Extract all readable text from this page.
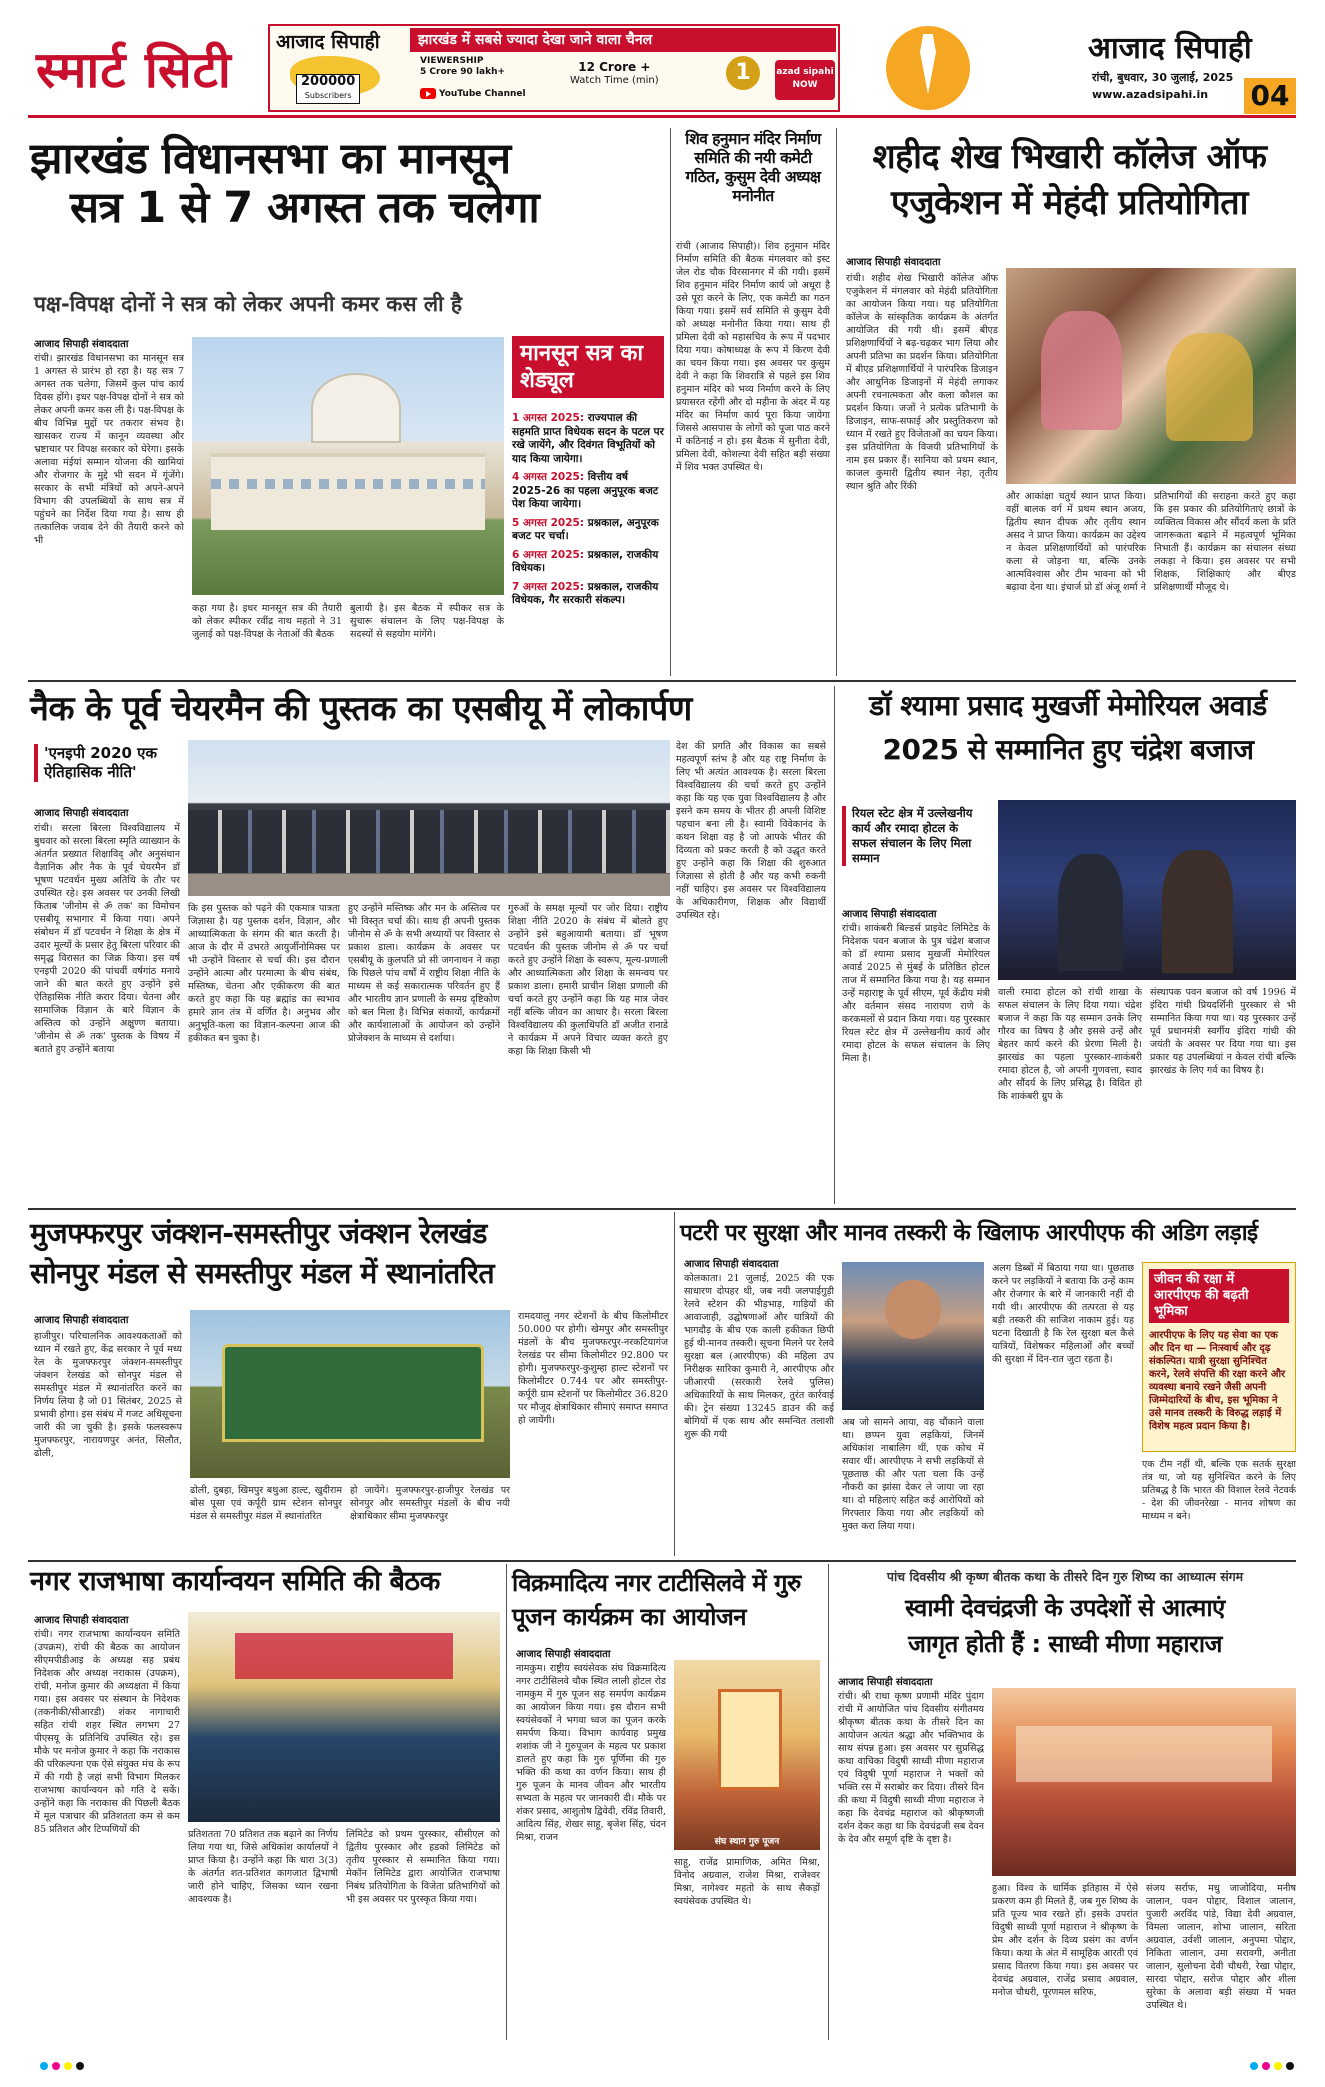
स्मार्ट सिटी आजाद सिपाही	झारखंड में सबसे ज्यादा देखा जाने वाला चैनल
200000
Subscribers
VIEWERSHIP
5 Crore 90 lakh+
YouTube Channel
12 Crore +
Watch Time (min)	1	azad sipahi NOW
आजाद सिपाही
रांची, बुधवार, 30 जुलाई, 2025
www.azadsipahi.in 04
झारखंड विधानसभा का मानसून
सत्र 1 से 7 अगस्त तक चलेगा
पक्ष-विपक्ष दोनों ने सत्र को लेकर अपनी कमर कस ली है
आजाद सिपाही संवाददाता
रांची। झारखंड विधानसभा का मानसून सत्र 1 अगस्त से प्रारंभ हो रहा है। यह सत्र 7 अगस्त तक चलेगा, जिसमें कुल पांच कार्य दिवस होंगे। इधर पक्ष-विपक्ष दोनों ने सत्र को लेकर अपनी कमर कस ली है। पक्ष-विपक्ष के बीच विभिन्न मुद्दों पर तकरार संभव है। खासकर राज्य में कानून व्यवस्था और भ्रष्टाचार पर विपक्ष सरकार को घेरेगा। इसके अलावा मंईयां सम्मान योजना की खामियां और रोजगार के मुद्दे भी सदन में गूंजेंगे। सरकार के सभी मंत्रियों को अपने-अपने विभाग की उपलब्धियों के साथ सत्र में पहुंचने का निर्देश दिया गया है। साथ ही तत्कालिक जवाब देने की तैयारी करने को भी
कहा गया है। इधर मानसून सत्र की तैयारी को लेकर स्पीकर रवींद्र नाथ महतो ने 31 जुलाई को पक्ष-विपक्ष के नेताओं की बैठक
बुलायी है। इस बैठक में स्पीकर सत्र के सुचारू संचालन के लिए पक्ष-विपक्ष के सदस्यों से सहयोग मांगेंगे।
मानसून सत्र का शेड्यूल

1 अगस्त 2025: राज्यपाल की सहमति प्राप्त विधेयक सदन के पटल पर रखे जायेंगे, और दिवंगत विभूतियों को याद किया जायेगा।

4 अगस्त 2025: वित्तीय वर्ष 2025-26 का पहला अनुपूरक बजट पेश किया जायेगा।

5 अगस्त 2025: प्रश्नकाल, अनुपूरक बजट पर चर्चा।

6 अगस्त 2025: प्रश्नकाल, राजकीय विधेयक।

7 अगस्त 2025: प्रश्नकाल, राजकीय विधेयक, गैर सरकारी संकल्प।

शिव हनुमान मंदिर निर्माण समिति की नयी कमेटी गठित, कुसुम देवी अध्यक्ष मनोनीत
रांची (आजाद सिपाही)। शिव हनुमान मंदिर निर्माण समिति की बैठक मंगलवार को इस्ट जेल रोड चौक विरसानगर में की गयी। इसमें शिव हनुमान मंदिर निर्माण कार्य जो अधूरा है उसे पूरा करने के लिए, एक कमेटी का गठन किया गया। इसमें सर्व समिति से कुसुम देवी को अध्यक्ष मनोनीत किया गया। साथ ही प्रमिला देवी को महासचिव के रूप में पदभार दिया गया। कोषाध्यक्ष के रूप में किरण देवी का चयन किया गया। इस अवसर पर कुसुम देवी ने कहा कि शिवरात्रि से पहले इस शिव हनुमान मंदिर को भव्य निर्माण करने के लिए प्रयासरत रहेंगी और दो महीना के अंदर में यह मंदिर का निर्माण कार्य पूरा किया जायेगा जिससे आसपास के लोगों को पूजा पाठ करने में कठिनाई न हो। इस बैठक में सुनीता देवी, प्रमिला देवी, कोशल्या देवी सहित बड़ी संख्या में शिव भक्त उपस्थित थे।
शहीद शेख भिखारी कॉलेज ऑफ एजुकेशन में मेहंदी प्रतियोगिता
आजाद सिपाही संवाददाता
रांची। शहीद शेख भिखारी कॉलेज ऑफ एजुकेशन में मंगलवार को मेहंदी प्रतियोगिता का आयोजन किया गया। यह प्रतियोगिता कॉलेज के सांस्कृतिक कार्यक्रम के अंतर्गत आयोजित की गयी थी। इसमें बीएड प्रशिक्षणार्थियों ने बढ़-चढ़कर भाग लिया और अपनी प्रतिभा का प्रदर्शन किया। प्रतियोगिता में बीएड प्रशिक्षणार्थियों ने पारंपरिक डिजाइन और आधुनिक डिजाइनों में मेहंदी लगाकर अपनी रचनात्मकता और कला कौशल का प्रदर्शन किया। जजों ने प्रत्येक प्रतिभागी के डिजाइन, साफ-सफाई और प्रस्तुतिकरण को ध्यान में रखते हुए विजेताओं का चयन किया। इस प्रतियोगिता के विजयी प्रतिभागियों के नाम इस प्रकार हैं। सानिया को प्रथम स्थान, काजल कुमारी द्वितीय स्थान नेहा, तृतीय स्थान श्रुति और रिंकी
और आकांक्षा चतुर्थ स्थान प्राप्त किया। वहीं बालक वर्ग में प्रथम स्थान अजय, द्वितीय स्थान दीपक और तृतीय स्थान असद ने प्राप्त किया। कार्यक्रम का उद्देश्य न केवल प्रशिक्षणार्थियों को पारंपरिक कला से जोड़ना था, बल्कि उनके आत्मविश्वास और टीम भावना को भी बढ़ावा देना था। इंचार्ज प्रो डॉ अंजू शर्मा ने
प्रतिभागियों की सराहना करते हुए कहा कि इस प्रकार की प्रतियोगिताएं छात्रों के व्यक्तित्व विकास और सौंदर्य कला के प्रति जागरूकता बढ़ाने में महत्वपूर्ण भूमिका निभाती हैं। कार्यक्रम का संचालन संध्या लकड़ा ने किया। इस अवसर पर सभी शिक्षक, शिक्षिकाएं और बीएड प्रशिक्षणार्थी मौजूद थे।
नैक के पूर्व चेयरमैन की पुस्तक का एसबीयू में लोकार्पण
'एनइपी 2020 एक ऐतिहासिक नीति'
आजाद सिपाही संवाददाता
रांची। सरला बिरला विश्वविद्यालय में बुधवार को सरला बिरला स्मृति व्याख्यान के अंतर्गत प्रख्यात शिक्षाविद् और अनुसंधान वैज्ञानिक और नैक के पूर्व चेयरमैन डॉ भूषण पटवर्धन मुख्य अतिथि के तौर पर उपस्थित रहे। इस अवसर पर उनकी लिखी किताब 'जीनोम से ॐ तक' का विमोचन एसबीयू सभागार में किया गया। अपने संबोधन में डॉ पटवर्धन ने शिक्षा के क्षेत्र में उदार मूल्यों के प्रसार हेतु बिरला परिवार की समृद्ध विरासत का जिक्र किया। इस वर्ष एनइपी 2020 की पांचवीं वर्षगांठ मनाये जाने की बात करते हुए उन्होंने इसे ऐतिहासिक नीति करार दिया। चेतना और सामाजिक विज्ञान के बारे विज्ञान के अस्तित्व को उन्होंने अक्षुण्ण बताया। 'जीनोम से ॐ तक' पुस्तक के विषय में बताते हुए उन्होंने बताया
कि इस पुस्तक को पढ़ने की एकमात्र पात्रता जिज्ञासा है। यह पुस्तक दर्शन, विज्ञान, और आध्यात्मिकता के संगम की बात करती है। आज के दौर में उभरते आयुर्जीनोमिक्स पर भी उन्होंने विस्तार से चर्चा की। इस दौरान उन्होंने आत्मा और परमात्मा के बीच संबंध, मस्तिष्क, चेतना और एकीकरण की बात करते हुए कहा कि यह ब्रह्मांड का स्वभाव हमारे ज्ञान तंत्र में वर्णित है। अनुभव और अनुभूति-कला का विज्ञान-कल्पना आज की हकीकत बन चुका है।
हुए उन्होंने मस्तिष्क और मन के अस्तित्व पर भी विस्तृत चर्चा की। साथ ही अपनी पुस्तक जीनोम से ॐ के सभी अध्यायों पर विस्तार से प्रकाश डाला। कार्यक्रम के अवसर पर एसबीयू के कुलपति प्रो सी जगनाथन ने कहा कि पिछले पांच वर्षों में राष्ट्रीय शिक्षा नीति के माध्यम से कई सकारात्मक परिवर्तन हुए हैं और भारतीय ज्ञान प्रणाली के समग्र दृष्टिकोण को बल मिला है। विभिन्न संकायों, कार्यक्रमों और कार्यशालाओं के आयोजन को उन्होंने प्रोजेक्शन के माध्यम से दर्शाया।
गुरुओं के समक्ष मूल्यों पर जोर दिया। राष्ट्रीय शिक्षा नीति 2020 के संबंध में बोलते हुए उन्होंने इसे बहुआयामी बताया। डॉ भूषण पटवर्धन की पुस्तक जीनोम से ॐ पर चर्चा करते हुए उन्होंने शिक्षा के स्वरूप, मूल्य-प्रणाली और आध्यात्मिकता और शिक्षा के समन्वय पर प्रकाश डाला। हमारी प्राचीन शिक्षा प्रणाली की चर्चा करते हुए उन्होंने कहा कि यह मात्र जेवर नहीं बल्कि जीवन का आधार है। सरला बिरला विश्वविद्यालय की कुलाधिपति डॉ अजीत रानाडे ने कार्यक्रम में अपने विचार व्यक्त करते हुए कहा कि शिक्षा किसी भी
देश की प्रगति और विकास का सबसे महत्वपूर्ण स्तंभ है और यह राष्ट्र निर्माण के लिए भी अत्यंत आवश्यक है। सरला बिरला विश्वविद्यालय की चर्चा करते हुए उन्होंने कहा कि यह एक युवा विश्वविद्यालय है और इसने कम समय के भीतर ही अपनी विशिष्ट पहचान बना ली है। स्वामी विवेकानंद के कथन शिक्षा वह है जो आपके भीतर की दिव्यता को प्रकट करती है को उद्धृत करते हुए उन्होंने कहा कि शिक्षा की शुरुआत जिज्ञासा से होती है और यह कभी रुकनी नहीं चाहिए। इस अवसर पर विश्वविद्यालय के अधिकारीगण, शिक्षक और विद्यार्थी उपस्थित रहे।
डॉ श्यामा प्रसाद मुखर्जी मेमोरियल अवार्ड
2025 से सम्मानित हुए चंद्रेश बजाज
रियल स्टेट क्षेत्र में उल्लेखनीय कार्य और रमादा होटल के सफल संचालन के लिए मिला सम्मान
आजाद सिपाही संवाददाता
रांची। शाकंबरी बिल्डर्स प्राइवेट लिमिटेड के निदेशक पवन बजाज के पुत्र चंद्रेश बजाज को डॉ श्यामा प्रसाद मुखर्जी मेमोरियल अवार्ड 2025 से मुंबई के प्रतिष्ठित होटल ताज में सम्मानित किया गया है। यह सम्मान उन्हें महाराष्ट्र के पूर्व सीएम, पूर्व केंद्रीय मंत्री और वर्तमान संसद नारायण राणे के करकमलों से प्रदान किया गया। यह पुरस्कार रियल स्टेट क्षेत्र में उल्लेखनीय कार्य और रमादा होटल के सफल संचालन के लिए मिला है।
वाली रमादा होटल को रांची शाखा के सफल संचालन के लिए दिया गया। चंद्रेश बजाज ने कहा कि यह सम्मान उनके लिए गौरव का विषय है और इससे उन्हें और बेहतर कार्य करने की प्रेरणा मिली है। झारखंड का पहला पुरस्कार-शाकंबरी रमादा होटल है, जो अपनी गुणवत्ता, स्वाद और सौंदर्य के लिए प्रसिद्ध है। विदित हो कि शाकंबरी ग्रुप के
संस्थापक पवन बजाज को वर्ष 1996 में इंदिरा गांधी प्रियदर्शिनी पुरस्कार से भी सम्मानित किया गया था। यह पुरस्कार उन्हें पूर्व प्रधानमंत्री स्वर्गीय इंदिरा गांधी की जयंती के अवसर पर दिया गया था। इस प्रकार यह उपलब्धियां न केवल रांची बल्कि झारखंड के लिए गर्व का विषय है।
मुजफ्फरपुर जंक्शन-समस्तीपुर जंक्शन रेलखंड
सोनपुर मंडल से समस्तीपुर मंडल में स्थानांतरित
आजाद सिपाही संवाददाता
हाजीपुर। परिचालनिक आवश्यकताओं को ध्यान में रखते हुए, केंद्र सरकार ने पूर्व मध्य रेल के मुजफ्फरपुर जंक्शन-समस्तीपुर जंक्शन रेलखंड को सोनपुर मंडल से समस्तीपुर मंडल में स्थानांतरित करने का निर्णय लिया है जो 01 सितंबर, 2025 से प्रभावी होगा। इस संबंध में गजट अधिसूचना जारी की जा चुकी है। इसके फलस्वरूप मुजफ्फरपुर, नारायणपुर अनंत, सिलौत, ढोली,
ढोली, दुबहा, खिमपुर बथुआ हाल्ट, खुदीराम बोस पूसा एवं कर्पूरी ग्राम स्टेशन सोनपुर मंडल से समस्तीपुर मंडल में स्थानांतरित
हो जायेंगे। मुजफ्फरपुर-हाजीपुर रेलखंड पर सोनपुर और समस्तीपुर मंडलों के बीच नयी क्षेत्राधिकार सीमा मुजफ्फरपुर
रामदयालु नगर स्टेशनों के बीच किलोमीटर 50.000 पर होगी। खेमपुर और समस्तीपुर मंडलों के बीच मुजफ्फरपुर-नरकटियागंज रेलखंड पर सीमा किलोमीटर 92.800 पर होगी। मुजफ्फरपुर-कुशुम्हा हाल्ट स्टेशनों पर किलोमीटर 0.744 पर और समस्तीपुर-कर्पूरी ग्राम स्टेशनों पर किलोमीटर 36.820 पर मौजूद क्षेत्राधिकार सीमाएं समाप्त समाप्त हो जायेंगी।
पटरी पर सुरक्षा और मानव तस्करी के खिलाफ आरपीएफ की अडिग लड़ाई
आजाद सिपाही संवाददाता
कोलकाता। 21 जुलाई, 2025 की एक साधारण दोपहर थी, जब नयी जलपाईगुड़ी रेलवे स्टेशन की भीड़भाड़, गाड़ियों की आवाजाही, उद्घोषणाओं और यात्रियों की भागदौड़ के बीच एक काली हकीकत छिपी हुई थी-मानव तस्करी। सूचना मिलने पर रेलवे सुरक्षा बल (आरपीएफ) की महिला उप निरीक्षक सारिका कुमारी ने, आरपीएफ और जीआरपी (सरकारी रेलवे पुलिस) अधिकारियों के साथ मिलकर, तुरंत कार्रवाई की। ट्रेन संख्या 13245 डाउन की कई बोगियों में एक साथ और समन्वित तलाशी शुरू की गयी
अब जो सामने आया, वह चौंकाने वाला था। छप्पन युवा लड़कियां, जिनमें अधिकांश नाबालिग थीं, एक कोच में सवार थीं। आरपीएफ ने सभी लड़कियों से पूछताछ की और पता चला कि उन्हें नौकरी का झांसा देकर ले जाया जा रहा था। दो महिलाएं सहित कई आरोपियों को गिरफ्तार किया गया और लड़कियों को मुक्त करा लिया गया।
अलग डिब्बों में बिठाया गया था। पूछताछ करने पर लड़कियों ने बताया कि उन्हें काम और रोजगार के बारे में जानकारी नहीं दी गयी थी। आरपीएफ की तत्परता से यह बड़ी तस्करी की साजिश नाकाम हुई। यह घटना दिखाती है कि रेल सुरक्षा बल कैसे यात्रियों, विशेषकर महिलाओं और बच्चों की सुरक्षा में दिन-रात जुटा रहता है।
जीवन की रक्षा में आरपीएफ की बढ़ती भूमिका
आरपीएफ के लिए यह सेवा का एक और दिन था — निःस्वार्थ और दृढ़ संकल्पित। यात्री सुरक्षा सुनिश्चित करने, रेलवे संपत्ति की रक्षा करने और व्यवस्था बनाये रखने जैसी अपनी जिम्मेदारियों के बीच, इस भूमिका ने उसे मानव तस्करी के विरुद्ध लड़ाई में विशेष महत्व प्रदान किया है।
एक टीम नहीं थी, बल्कि एक सतर्क सुरक्षा तंत्र था, जो यह सुनिश्चित करने के लिए प्रतिबद्ध है कि भारत की विशाल रेलवे नेटवर्क - देश की जीवनरेखा - मानव शोषण का माध्यम न बने।
नगर राजभाषा कार्यान्वयन समिति की बैठक
आजाद सिपाही संवाददाता
रांची। नगर राजभाषा कार्यान्वयन समिति (उपक्रम), रांची की बैठक का आयोजन सीएमपीडीआइ के अध्यक्ष सह प्रबंध निदेशक और अध्यक्ष नराकास (उपक्रम), रांची, मनोज कुमार की अध्यक्षता में किया गया। इस अवसर पर संस्थान के निदेशक (तकनीकी/सीआरडी) शंकर नागाचारी सहित रांची शहर स्थित लगभग 27 पीएसयू के प्रतिनिधि उपस्थित रहे। इस मौके पर मनोज कुमार ने कहा कि नराकास की परिकल्पना एक ऐसे संयुक्त मंच के रूप में की गयी है जहां सभी विभाग मिलकर राजभाषा कार्यान्वयन को गति दे सकें। उन्होंने कहा कि नराकास की पिछली बैठक में मूल पत्राचार की प्रतिशतता कम से कम 85 प्रतिशत और टिप्पणियों की	प्रतिशतता 70 प्रतिशत तक बढ़ाने का निर्णय लिया गया था, जिसे अधिकांश कार्यालयों ने प्राप्त किया है। उन्होंने कहा कि धारा 3(3) के अंतर्गत शत-प्रतिशत कागजात द्विभाषी जारी होने चाहिए, जिसका ध्यान रखना आवश्यक है।
लिमिटेड को प्रथम पुरस्कार, सीसीएल को द्वितीय पुरस्कार और हडको लिमिटेड को तृतीय पुरस्कार से सम्मानित किया गया। मेकॉन लिमिटेड द्वारा आयोजित राजभाषा निबंध प्रतियोगिता के विजेता प्रतिभागियों को भी इस अवसर पर पुरस्कृत किया गया।
विक्रमादित्य नगर टाटीसिलवे में गुरु पूजन कार्यक्रम का आयोजन
आजाद सिपाही संवाददाता
नामकुम। राष्ट्रीय स्वयंसेवक संघ विक्रमादित्य नगर टाटीसिलवे चौक स्थित लाली होटल रोड नामकुम में गुरु पूजन सह समर्पण कार्यक्रम का आयोजन किया गया। इस दौरान सभी स्वयंसेवकों ने भगवा ध्वज का पूजन करके समर्पण किया। विभाग कार्यवाह प्रमुख शशांक जी ने गुरुपूजन के महत्व पर प्रकाश डालते हुए कहा कि गुरु पूर्णिमा की गुरु भक्ति की कथा का वर्णन किया। साथ ही गुरु पूजन के मानव जीवन और भारतीय सभ्यता के महत्व पर जानकारी दी। मौके पर शंकर प्रसाद, आशुतोष द्विवेदी, रविंद्र तिवारी, आदित्य सिंह, शेखर साहू, बृजेश सिंह, चंदन मिश्रा, राजन	संघ स्थान गुरु पूजन
साहू, राजेंद्र प्रामाणिक, अमित मिश्रा, विनोद अग्रवाल, राजेश मिश्रा, राजेश्वर मिश्रा, नागेश्वर महतो के साथ सैकड़ों स्वयंसेवक उपस्थित थे।
पांच दिवसीय श्री कृष्ण बीतक कथा के तीसरे दिन गुरु शिष्य का आध्यात्म संगम
स्वामी देवचंद्रजी के उपदेशों से आत्माएं
जागृत होती हैं : साध्वी मीणा महाराज
आजाद सिपाही संवाददाता
रांची। श्री राधा कृष्ण प्रणामी मंदिर पुंदाग रांची में आयोजित पांच दिवसीय संगीतमय श्रीकृष्ण बीतक कथा के तीसरे दिन का आयोजन अत्यंत श्रद्धा और भक्तिभाव के साथ संपन्न हुआ। इस अवसर पर सुप्रसिद्ध कथा वाचिका विदुषी साध्वी मीणा महाराज एवं विदुषी पूर्णा महाराज ने भक्तों को भक्ति रस में सराबोर कर दिया। तीसरे दिन की कथा में विदुषी साध्वी मीणा महाराज ने कहा कि देवचंद्र महाराज को श्रीकृष्णजी दर्शन देकर कहा था कि देवचंद्रजी सब देवन के देव और समूर्ण दृष्टि के दृष्टा है।
हुआ। विश्व के धार्मिक इतिहास में ऐसे प्रकरण कम ही मिलते हैं, जब गुरु शिष्य के प्रति पूज्य भाव रखते हों। इसके उपरांत विदुषी साध्वी पूर्णा महाराज ने श्रीकृष्ण के प्रेम और दर्शन के दिव्य प्रसंग का वर्णन किया। कथा के अंत में सामूहिक आरती एवं प्रसाद वितरण किया गया। इस अवसर पर देवचंद्र अग्रवाल, राजेंद्र प्रसाद अग्रवाल, मनोज चौधरी, पूरणमल सरिफ,
संजय सर्राफ, मधु जाजोदिया, मनीष जालान, पवन पोद्दार, विशाल जालान, पुजारी अरविंद पांडे, विद्या देवी अग्रवाल, विमला जालान, शोभा जालान, सरिता अग्रवाल, उर्वशी जालान, अनुपमा पोद्दार, निकिता जालान, उमा सरावगी, अनीता जालान, सुलोचना देवी चौधरी, रेखा पोद्दार, सारदा पोद्दार, सरोज पोद्दार और शीला सुरेका के अलावा बड़ी संख्या में भक्त उपस्थित थे।
